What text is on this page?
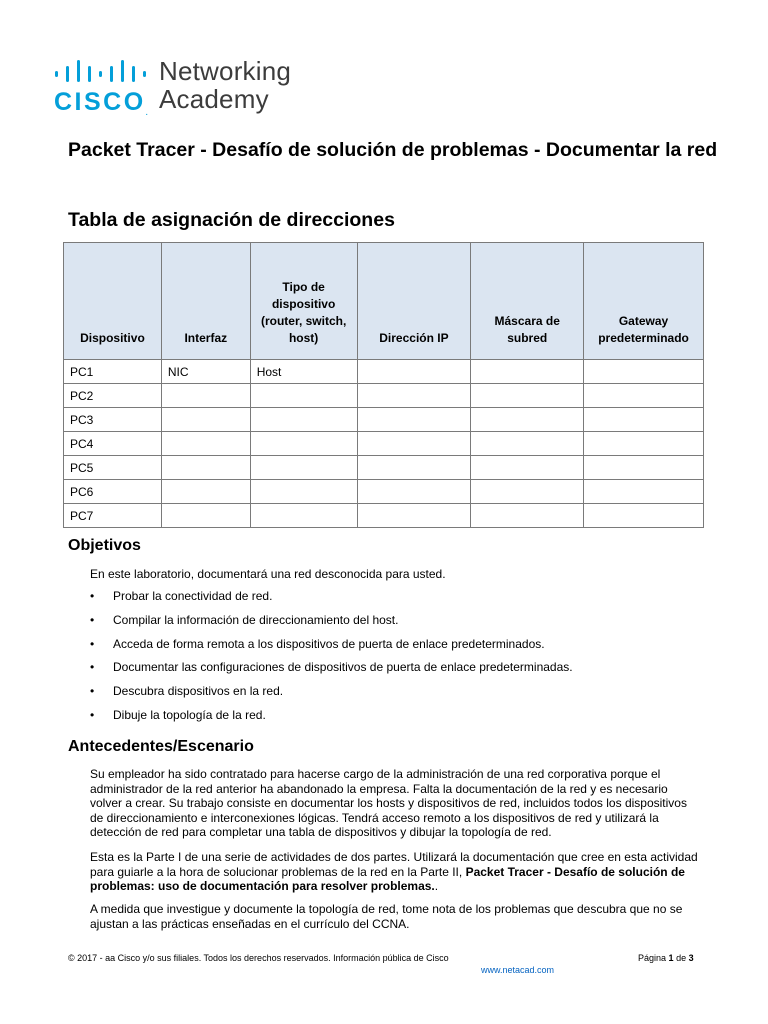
CISCO.
Networking
Academy
Packet Tracer - Desafío de solución de problemas - Documentar la red
Tabla de asignación de direcciones
Dispositivo	Interfaz	Tipo de dispositivo (router, switch, host)	Dirección IP	Máscara de subred	Gateway predeterminado
PC1	NIC	Host			
PC2					
PC3					
PC4					
PC5					
PC6					
PC7					
Objetivos

En este laboratorio, documentará una red desconocida para usted.

• Probar la conectividad de red.
• Compilar la información de direccionamiento del host.
• Acceda de forma remota a los dispositivos de puerta de enlace predeterminados.
• Documentar las configuraciones de dispositivos de puerta de enlace predeterminadas.
• Descubra dispositivos en la red.
• Dibuje la topología de la red.
Antecedentes/Escenario

Su empleador ha sido contratado para hacerse cargo de la administración de una red corporativa porque el administrador de la red anterior ha abandonado la empresa. Falta la documentación de la red y es necesario volver a crear. Su trabajo consiste en documentar los hosts y dispositivos de red, incluidos todos los dispositivos de direccionamiento e interconexiones lógicas. Tendrá acceso remoto a los dispositivos de red y utilizará la detección de red para completar una tabla de dispositivos y dibujar la topología de red.

Esta es la Parte I de una serie de actividades de dos partes. Utilizará la documentación que cree en esta actividad para guiarle a la hora de solucionar problemas de la red en la Parte II, Packet Tracer - Desafío de solución de problemas: uso de documentación para resolver problemas..

A medida que investigue y documente la topología de red, tome nota de los problemas que descubra que no se ajustan a las prácticas enseñadas en el currículo del CCNA.

© 2017 - aa Cisco y/o sus filiales. Todos los derechos reservados. Información pública de Cisco	Página 1 de 3
www.netacad.com
